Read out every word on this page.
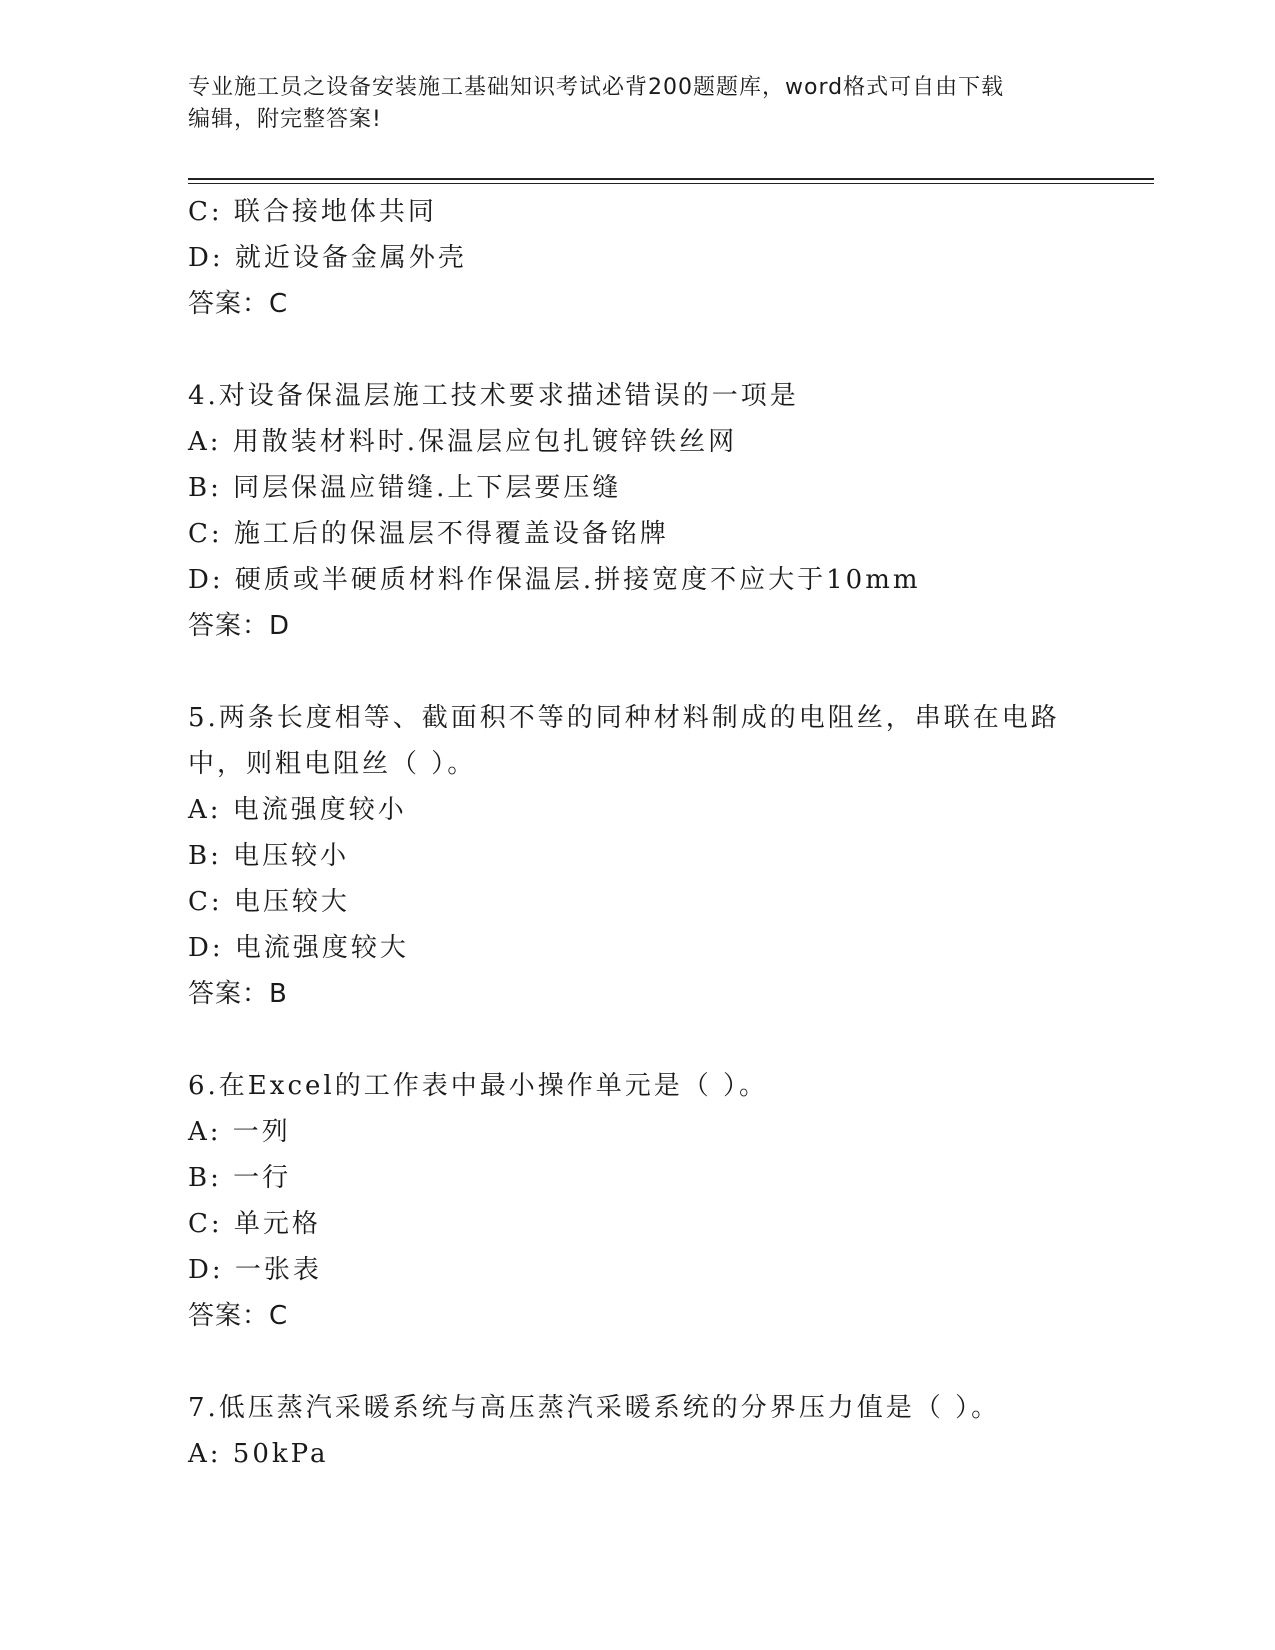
专业施工员之设备安装施工基础知识考试必背200题题库，word格式可自由下载
编辑，附完整答案!
C: 联合接地体共同
D: 就近设备金属外壳
答案：C
4.对设备保温层施工技术要求描述错误的一项是
A: 用散装材料时.保温层应包扎镀锌铁丝网
B: 同层保温应错缝.上下层要压缝
C: 施工后的保温层不得覆盖设备铭牌
D: 硬质或半硬质材料作保温层.拼接宽度不应大于10mm
答案：D
5.两条长度相等、截面积不等的同种材料制成的电阻丝，串联在电路
中，则粗电阻丝（ ）。
A: 电流强度较小
B: 电压较小
C: 电压较大
D: 电流强度较大
答案：B
6.在Excel的工作表中最小操作单元是（ ）。
A: 一列
B: 一行
C: 单元格
D: 一张表
答案：C
7.低压蒸汽采暖系统与高压蒸汽采暖系统的分界压力值是（ ）。
A: 50kPa
